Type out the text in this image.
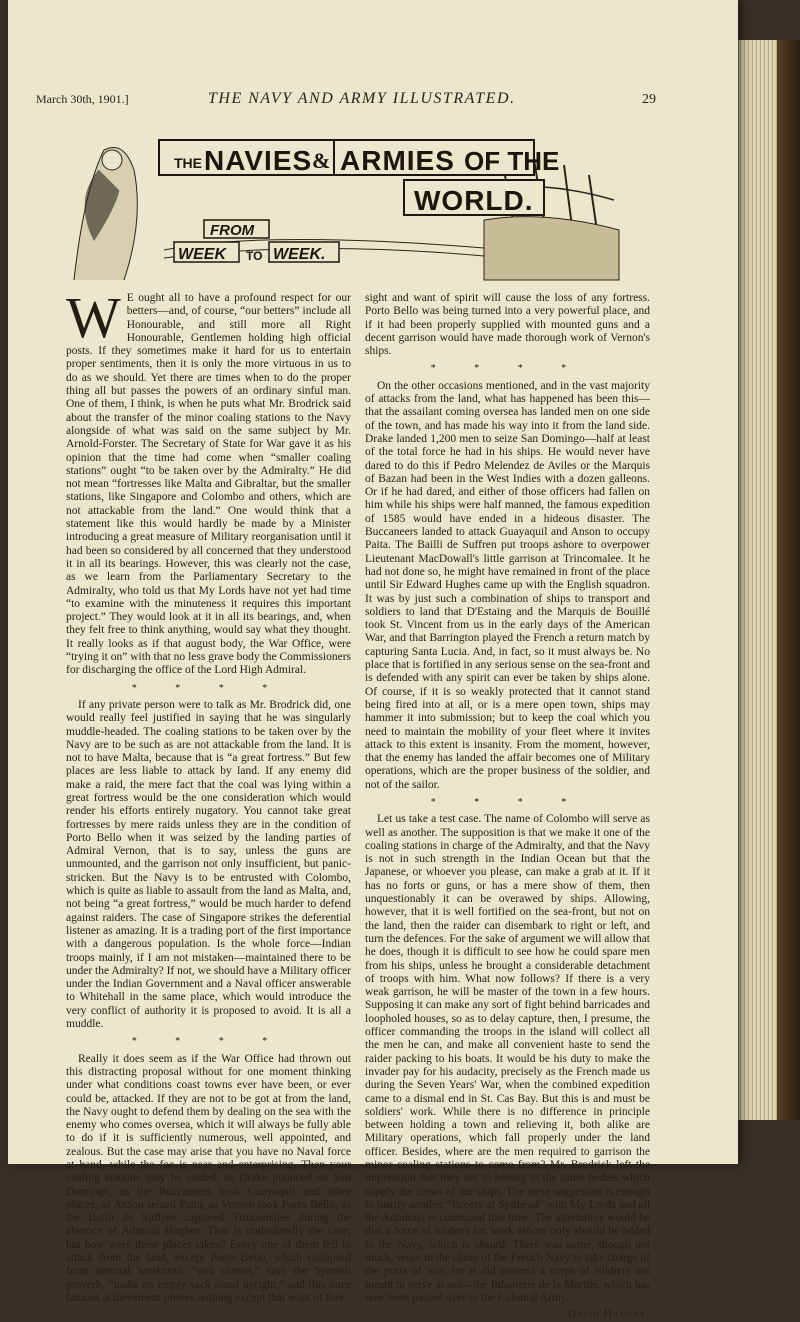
March 30th, 1901.]	THE NAVY AND ARMY ILLUSTRATED.	29
THE NAVIES & ARMIES OF THE
WORLD.
FROM
WEEK TO WEEK.

W E ought all to have a profound respect for our betters—and, of course, “our betters” include all Honourable, and still more all Right Honourable, Gentlemen holding high official posts. If they sometimes make it hard for us to entertain proper sentiments, then it is only the more virtuous in us to do as we should. Yet there are times when to do the proper thing all but passes the powers of an ordinary sinful man. One of them, I think, is when he puts what Mr. Brodrick said about the transfer of the minor coaling stations to the Navy alongside of what was said on the same subject by Mr. Arnold-Forster. The Secretary of State for War gave it as his opinion that the time had come when “smaller coaling stations” ought “to be taken over by the Admiralty.” He did not mean “fortresses like Malta and Gibraltar, but the smaller stations, like Singapore and Colombo and others, which are not attackable from the land.” One would think that a statement like this would hardly be made by a Minister introducing a great measure of Military reorganisation until it had been so considered by all concerned that they understood it in all its bearings. However, this was clearly not the case, as we learn from the Parliamentary Secretary to the Admiralty, who told us that My Lords have not yet had time “to examine with the minuteness it requires this important project.” They would look at it in all its bearings, and, when they felt free to think anything, would say what they thought. It really looks as if that august body, the War Office, were “trying it on” with that no less grave body the Commissioners for discharging the office of the Lord High Admiral.

* * * *

If any private person were to talk as Mr. Brodrick did, one would really feel justified in saying that he was singularly muddle-headed. The coaling stations to be taken over by the Navy are to be such as are not attackable from the land. It is not to have Malta, because that is “a great fortress.” But few places are less liable to attack by land. If any enemy did make a raid, the mere fact that the coal was lying within a great fortress would be the one consideration which would render his efforts entirely nugatory. You cannot take great fortresses by mere raids unless they are in the condition of Porto Bello when it was seized by the landing parties of Admiral Vernon, that is to say, unless the guns are unmounted, and the garrison not only insufficient, but panic-stricken. But the Navy is to be entrusted with Colombo, which is quite as liable to assault from the land as Malta, and, not being “a great fortress,” would be much harder to defend against raiders. The case of Singapore strikes the deferential listener as amazing. It is a trading port of the first importance with a dangerous population. Is the whole force—Indian troops mainly, if I am not mistaken—maintained there to be under the Admiralty? If not, we should have a Military officer under the Indian Government and a Naval officer answerable to Whitehall in the same place, which would introduce the very conflict of authority it is proposed to avoid. It is all a muddle.

* * * *

Really it does seem as if the War Office had thrown out this distracting proposal without for one moment thinking under what conditions coast towns ever have been, or ever could be, attacked. If they are not to be got at from the land, the Navy ought to defend them by dealing on the sea with the enemy who comes oversea, which it will always be fully able to do if it is sufficiently numerous, well appointed, and zealous. But the case may arise that you have no Naval force at hand, while the foe is near and enterprising. Then your coaling stations may be raided, as Drake pounced on San Domingo, as the Buccaneers took Guayaquil and other places, as Anson seized Paita, as Vernon took Porto Bello, as the Bailli de Suffren captured Trincomalee during the absence of Admiral Hughes. That is undoubtedly the case; but how were these places taken? Every one of them fell to attack from the land, except Porto Bello, which collapsed from internal weakness; “you cannot,” says the Spanish proverb, “make an empty sack stand upright,” and this once famous achievement proves nothing except that want of fore-

sight and want of spirit will cause the loss of any fortress. Porto Bello was being turned into a very powerful place, and if it had been properly supplied with mounted guns and a decent garrison would have made thorough work of Vernon's ships.

* * * *

On the other occasions mentioned, and in the vast majority of attacks from the land, what has happened has been this—that the assailant coming oversea has landed men on one side of the town, and has made his way into it from the land side. Drake landed 1,200 men to seize San Domingo—half at least of the total force he had in his ships. He would never have dared to do this if Pedro Melendez de Aviles or the Marquis of Bazan had been in the West Indies with a dozen galleons. Or if he had dared, and either of those officers had fallen on him while his ships were half manned, the famous expedition of 1585 would have ended in a hideous disaster. The Buccaneers landed to attack Guayaquil and Anson to occupy Paita. The Bailli de Suffren put troops ashore to overpower Lieutenant MacDowall's little garrison at Trincomalee. It he had not done so, he might have remained in front of the place until Sir Edward Hughes came up with the English squadron. It was by just such a combination of ships to transport and soldiers to land that D'Estaing and the Marquis de Bouillé took St. Vincent from us in the early days of the American War, and that Barrington played the French a return match by capturing Santa Lucia. And, in fact, so it must always be. No place that is fortified in any serious sense on the sea-front and is defended with any spirit can ever be taken by ships alone. Of course, if it is so weakly protected that it cannot stand being fired into at all, or is a mere open town, ships may hammer it into submission; but to keep the coal which you need to maintain the mobility of your fleet where it invites attack to this extent is insanity. From the moment, however, that the enemy has landed the affair becomes one of Military operations, which are the proper business of the soldier, and not of the sailor.

* * * *

Let us take a test case. The name of Colombo will serve as well as another. The supposition is that we make it one of the coaling stations in charge of the Admiralty, and that the Navy is not in such strength in the Indian Ocean but that the Japanese, or whoever you please, can make a grab at it. If it has no forts or guns, or has a mere show of them, then unquestionably it can be overawed by ships. Allowing, however, that it is well fortified on the sea-front, but not on the land, then the raider can disembark to right or left, and turn the defences. For the sake of argument we will allow that he does, though it is difficult to see how he could spare men from his ships, unless he brought a considerable detachment of troops with him. What now follows? If there is a very weak garrison, he will be master of the town in a few hours. Supposing it can make any sort of fight behind barricades and loopholed houses, so as to delay capture, then, I presume, the officer commanding the troops in the island will collect all the men he can, and make all convenient haste to send the raider packing to his boats. It would be his duty to make the invader pay for his audacity, precisely as the French made us during the Seven Years' War, when the combined expedition came to a dismal end in St. Cas Bay. But this is and must be soldiers' work. While there is no difference in principle between holding a town and relieving it, both alike are Military operations, which fall properly under the land officer. Besides, where are the men required to garrison the minor coaling stations to come from? Mr. Brodrick left the impression that they are to belong to the same bodies which supply the crews of our ships. The mere suggestion is enough to justify another “Breeze at Spithead” with My Lords and all the Admirals in command this time. The alternative would be that a force of soldiers for work ashore only should be added to the Navy, which is absurd. There was some, though not much, sense in the claim of the French Navy to take charge of the ports of war, for it did possess a corps of soldiers not meant to serve at sea—the Infanterie de la Marine, which has now been passed over to the Colonial Army.

David Hannay.
